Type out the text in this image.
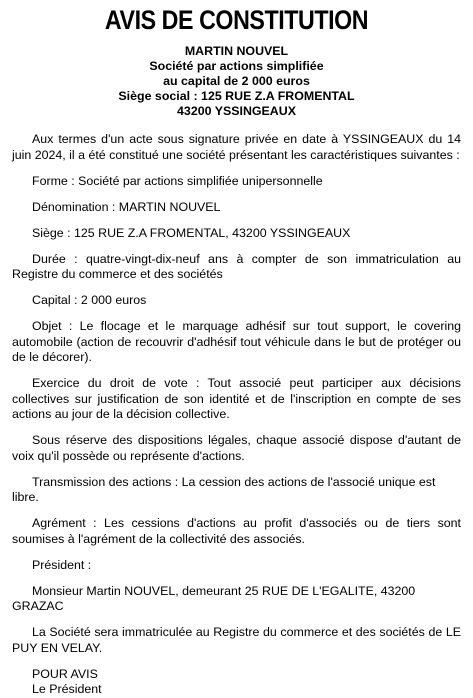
AVIS DE CONSTITUTION
MARTIN NOUVEL
Société par actions simplifiée
au capital de 2 000 euros
Siège social : 125 RUE Z.A FROMENTAL
43200 YSSINGEAUX

Aux termes d'un acte sous signature privée en date à YSSINGEAUX du 14 juin 2024, il a été constitué une société présentant les caractéristiques suivantes :

Forme : Société par actions simplifiée unipersonnelle

Dénomination : MARTIN NOUVEL

Siège : 125 RUE Z.A FROMENTAL, 43200 YSSINGEAUX

Durée : quatre-vingt-dix-neuf ans à compter de son immatriculation au Registre du commerce et des sociétés

Capital : 2 000 euros

Objet : Le flocage et le marquage adhésif sur tout support, le covering automobile (action de recouvrir d'adhésif tout véhicule dans le but de protéger ou de le décorer).

Exercice du droit de vote : Tout associé peut participer aux décisions collectives sur justification de son identité et de l'inscription en compte de ses actions au jour de la décision collective.

Sous réserve des dispositions légales, chaque associé dispose d'autant de voix qu'il possède ou représente d'actions.

Transmission des actions : La cession des actions de l'associé unique est libre.

Agrément : Les cessions d'actions au profit d'associés ou de tiers sont soumises à l'agrément de la collectivité des associés.

Président :

Monsieur Martin NOUVEL, demeurant 25 RUE DE L'EGALITE, 43200 GRAZAC

La Société sera immatriculée au Registre du commerce et des sociétés de LE PUY EN VELAY.

POUR AVIS

Le Président
